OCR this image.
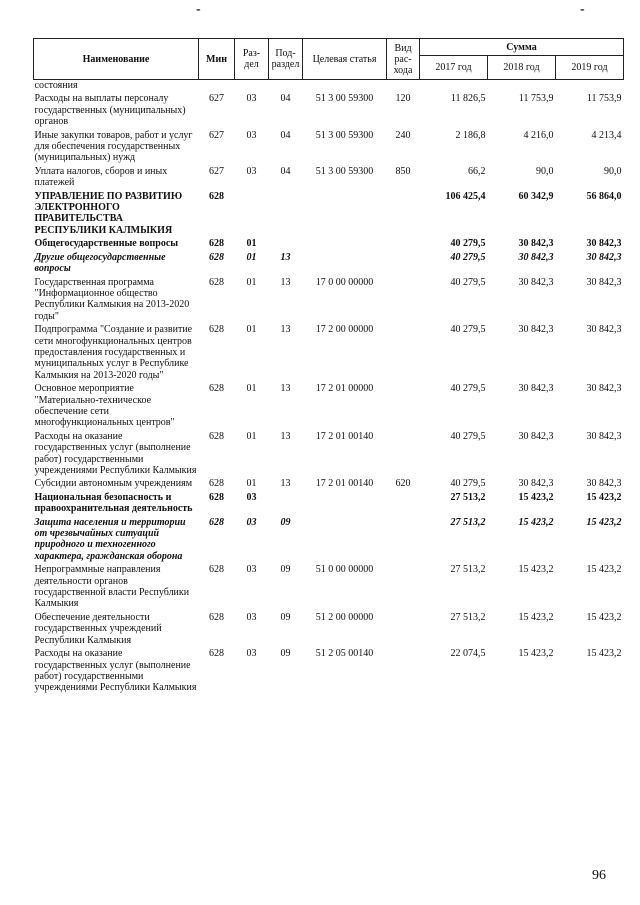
-	-
Наименование	Мин	Раз-дел	Под-раздел	Целевая статья	Вид рас-хода	Сумма		
						2017 год	2018 год	2019 год
состояния								
Расходы на выплаты персоналу государственных (муниципальных) органов	627	03	04	51 3 00 59300	120	11 826,5	11 753,9	11 753,9
Иные закупки товаров, работ и услуг для обеспечения государственных (муниципальных) нужд	627	03	04	51 3 00 59300	240	2 186,8	4 216,0	4 213,4
Уплата налогов, сборов и иных платежей	627	03	04	51 3 00 59300	850	66,2	90,0	90,0
УПРАВЛЕНИЕ ПО РАЗВИТИЮ ЭЛЕКТРОННОГО ПРАВИТЕЛЬСТВА РЕСПУБЛИКИ КАЛМЫКИЯ	628					106 425,4	60 342,9	56 864,0
Общегосударственные вопросы	628	01				40 279,5	30 842,3	30 842,3
Другие общегосударственные вопросы	628	01	13			40 279,5	30 842,3	30 842,3
Государственная программа "Информационное общество Республики Калмыкия на 2013-2020 годы"	628	01	13	17 0 00 00000		40 279,5	30 842,3	30 842,3
Подпрограмма "Создание и развитие сети многофункциональных центров предоставления государственных и муниципальных услуг в Республике Калмыкия на 2013-2020 годы"	628	01	13	17 2 00 00000		40 279,5	30 842,3	30 842,3
Основное мероприятие "Материально-техническое обеспечение сети многофункциональных центров"	628	01	13	17 2 01 00000		40 279,5	30 842,3	30 842,3
Расходы на оказание государственных услуг (выполнение работ) государственными учреждениями Республики Калмыкия	628	01	13	17 2 01 00140		40 279,5	30 842,3	30 842,3
Субсидии автономным учреждениям	628	01	13	17 2 01 00140	620	40 279,5	30 842,3	30 842,3
Национальная безопасность и правоохранительная деятельность	628	03				27 513,2	15 423,2	15 423,2
Защита населения и территории от чрезвычайных ситуаций природного и техногенного характера, гражданская оборона	628	03	09			27 513,2	15 423,2	15 423,2
Непрограммные направления деятельности органов государственной власти Республики Калмыкия	628	03	09	51 0 00 00000		27 513,2	15 423,2	15 423,2
Обеспечение деятельности государственных учреждений Республики Калмыкия	628	03	09	51 2 00 00000		27 513,2	15 423,2	15 423,2
Расходы на оказание государственных услуг (выполнение работ) государственными учреждениями Республики Калмыкия	628	03	09	51 2 05 00140		22 074,5	15 423,2	15 423,2
96
